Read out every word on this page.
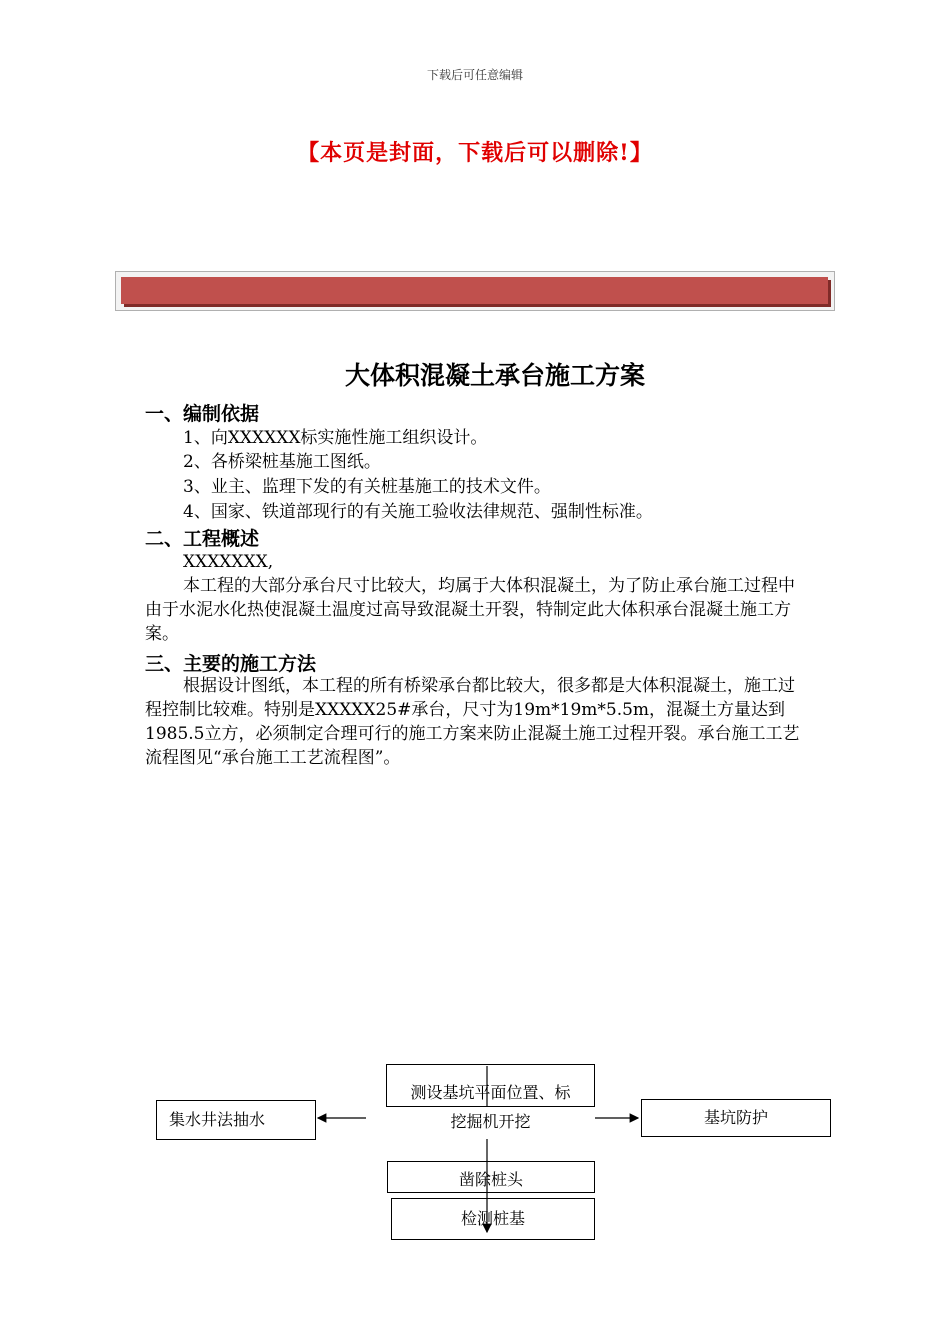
下载后可任意编辑
【本页是封面，下载后可以删除!】
大体积混凝土承台施工方案
一、编制依据
1、向XXXXXX标实施性施工组织设计。
2、各桥梁桩基施工图纸。
3、业主、监理下发的有关桩基施工的技术文件。
4、国家、铁道部现行的有关施工验收法律规范、强制性标准。
二、工程概述
XXXXXXX,
本工程的大部分承台尺寸比较大，均属于大体积混凝土，为了防止承台施工过程中由于水泥水化热使混凝土温度过高导致混凝土开裂，特制定此大体积承台混凝土施工方案。
三、主要的施工方法
根据设计图纸，本工程的所有桥梁承台都比较大，很多都是大体积混凝土，施工过程控制比较难。特别是XXXXX25#承台，尺寸为19m*19m*5.5m，混凝土方量达到1985.5立方，必须制定合理可行的施工方案来防止混凝土施工过程开裂。承台施工工艺流程图见“承台施工工艺流程图”。
测设基坑平面位置、标
挖掘机开挖
集水井法抽水	基坑防护
凿除桩头
检测桩基
